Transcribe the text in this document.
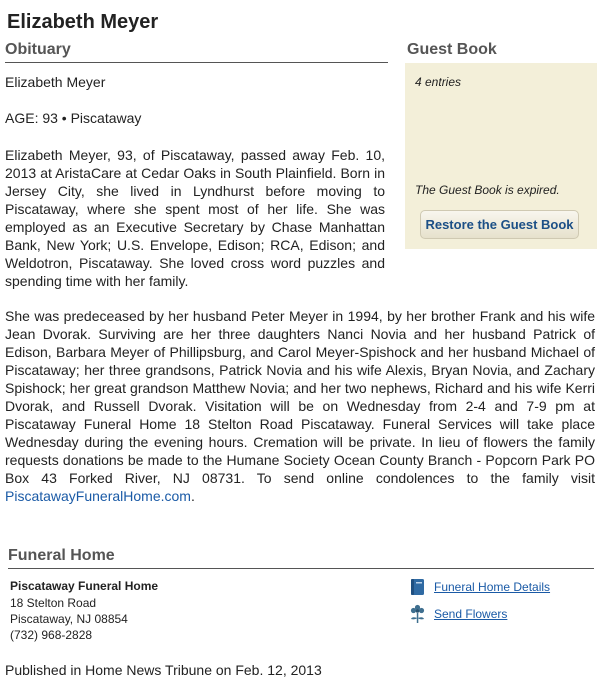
Elizabeth Meyer
Obituary

Elizabeth Meyer

AGE: 93 • Piscataway

Elizabeth Meyer, 93, of Piscataway, passed away Feb. 10, 2013 at AristaCare at Cedar Oaks in South Plainfield. Born in Jersey City, she lived in Lyndhurst before moving to Piscataway, where she spent most of her life. She was employed as an Executive Secretary by Chase Manhattan Bank, New York; U.S. Envelope, Edison; RCA, Edison; and Weldotron, Piscataway. She loved cross word puzzles and spending time with her family.

She was predeceased by her husband Peter Meyer in 1994, by her brother Frank and his wife Jean Dvorak. Surviving are her three daughters Nanci Novia and her husband Patrick of Edison, Barbara Meyer of Phillipsburg, and Carol Meyer-Spishock and her husband Michael of Piscataway; her three grandsons, Patrick Novia and his wife Alexis, Bryan Novia, and Zachary Spishock; her great grandson Matthew Novia; and her two nephews, Richard and his wife Kerri Dvorak, and Russell Dvorak. Visitation will be on Wednesday from 2-4 and 7-9 pm at Piscataway Funeral Home 18 Stelton Road Piscataway. Funeral Services will take place Wednesday during the evening hours. Cremation will be private. In lieu of flowers the family requests donations be made to the Humane Society Ocean County Branch - Popcorn Park PO Box 43 Forked River, NJ 08731. To send online condolences to the family visit PiscatawayFuneralHome.com.

Guest Book
4 entries
The Guest Book is expired.
Restore the Guest Book
Funeral Home
Piscataway Funeral Home
18 Stelton Road
Piscataway, NJ 08854
(732) 968-2828
Funeral Home Details
Send Flowers
Published in Home News Tribune on Feb. 12, 2013
